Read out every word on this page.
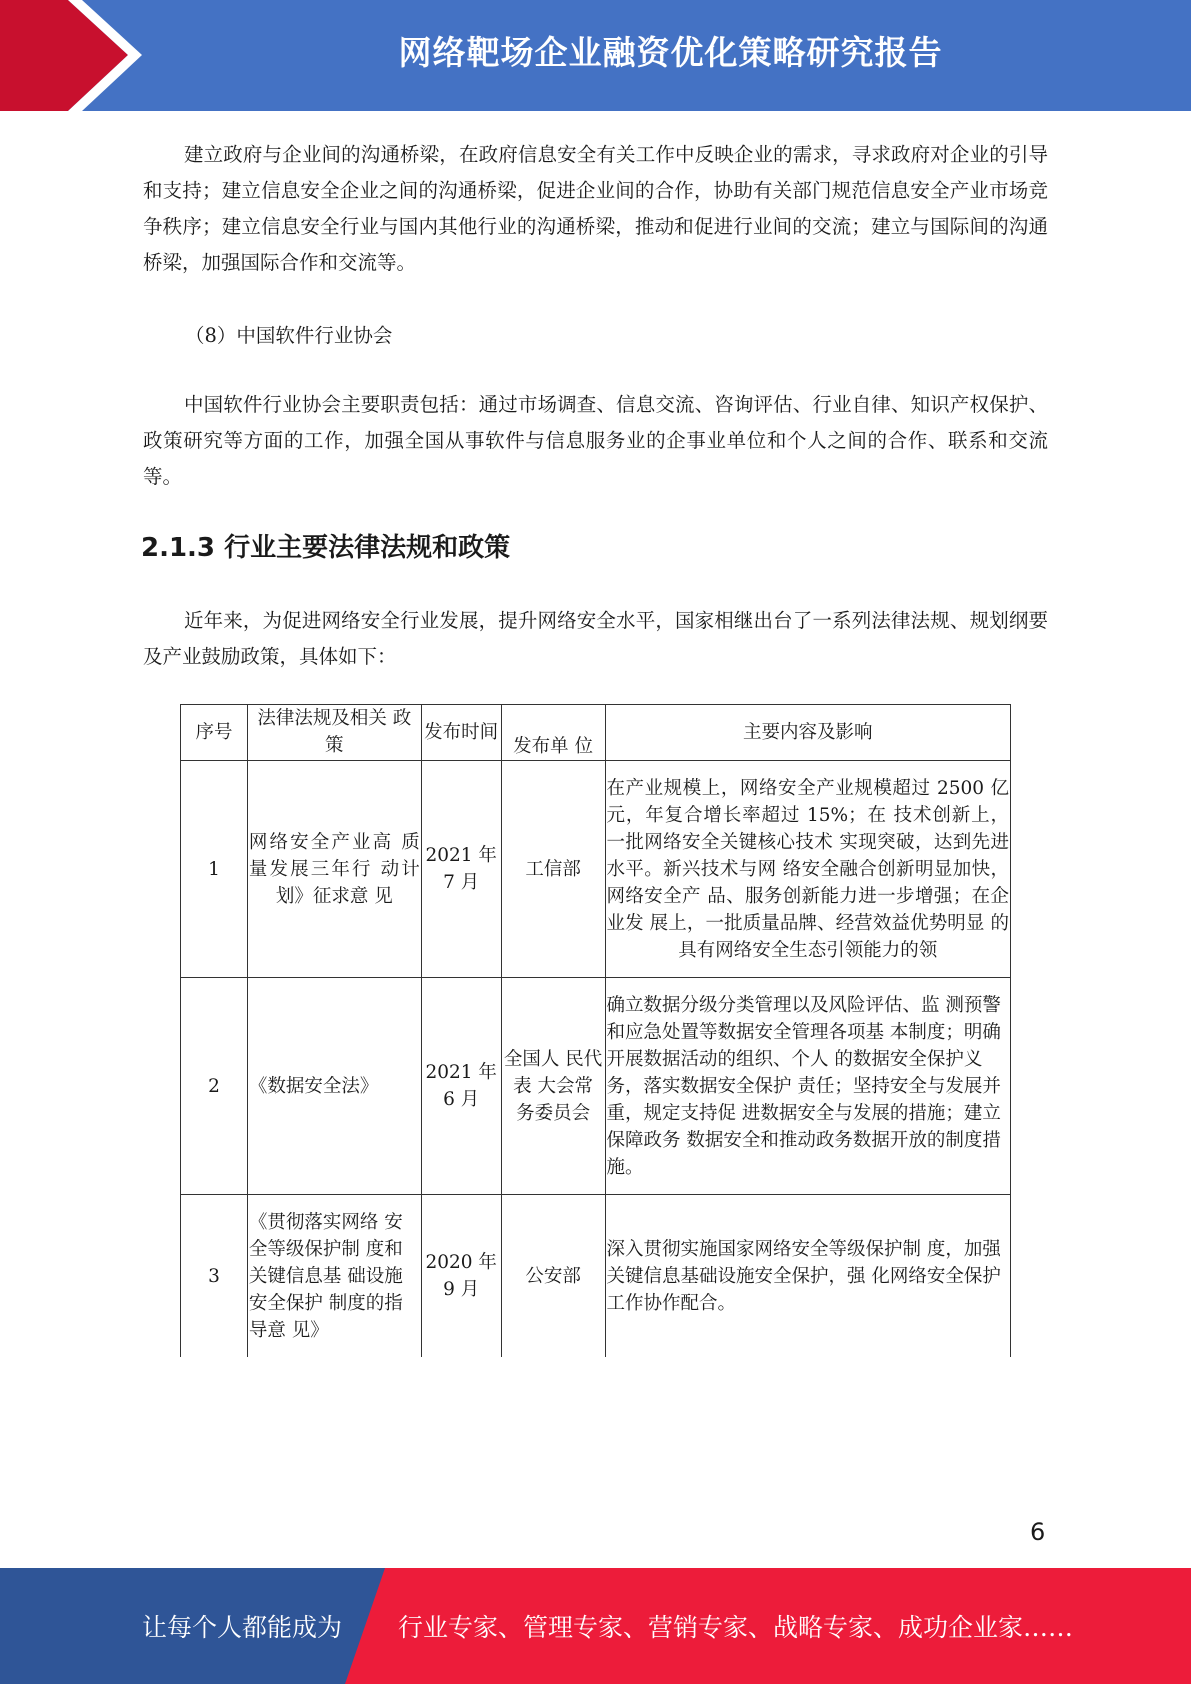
网络靶场企业融资优化策略研究报告

建立政府与企业间的沟通桥梁，在政府信息安全有关工作中反映企业的需求，寻求政府对企业的引导和支持；建立信息安全企业之间的沟通桥梁，促进企业间的合作，协助有关部门规范信息安全产业市场竞争秩序；建立信息安全行业与国内其他行业的沟通桥梁，推动和促进行业间的交流；建立与国际间的沟通桥梁，加强国际合作和交流等。

（8）中国软件行业协会

中国软件行业协会主要职责包括：通过市场调查、信息交流、咨询评估、行业自律、知识产权保护、政策研究等方面的工作，加强全国从事软件与信息服务业的企事业单位和个人之间的合作、联系和交流等。

2.1.3 行业主要法律法规和政策

近年来，为促进网络安全行业发展，提升网络安全水平，国家相继出台了一系列法律法规、规划纲要及产业鼓励政策，具体如下：

序号	法律法规及相关 政策	发布时间	发布单 位	主要内容及影响
1	网络安全产业高 质量发展三年行 动计划》征求意 见	2021 年 7 月	工信部	在产业规模上，网络安全产业规模超过 2500 亿元，年复合增长率超过 15%；在 技术创新上，一批网络安全关键核心技术 实现突破，达到先进水平。新兴技术与网 络安全融合创新明显加快，网络安全产 品、服务创新能力进一步增强；在企业发 展上，一批质量品牌、经营效益优势明显 的具有网络安全生态引领能力的领
2	《数据安全法》	2021 年 6 月	全国人 民代表 大会常 务委员会	确立数据分级分类管理以及风险评估、监 测预警和应急处置等数据安全管理各项基 本制度；明确开展数据活动的组织、个人 的数据安全保护义务，落实数据安全保护 责任；坚持安全与发展并重，规定支持促 进数据安全与发展的措施；建立保障政务 数据安全和推动政务数据开放的制度措 施。
3	《贯彻落实网络 安全等级保护制 度和关键信息基 础设施安全保护 制度的指导意 见》	2020 年 9 月	公安部	深入贯彻实施国家网络安全等级保护制 度，加强关键信息基础设施安全保护，强 化网络安全保护工作协作配合。
6
让每个人都能成为 行业专家、管理专家、营销专家、战略专家、成功企业家……
